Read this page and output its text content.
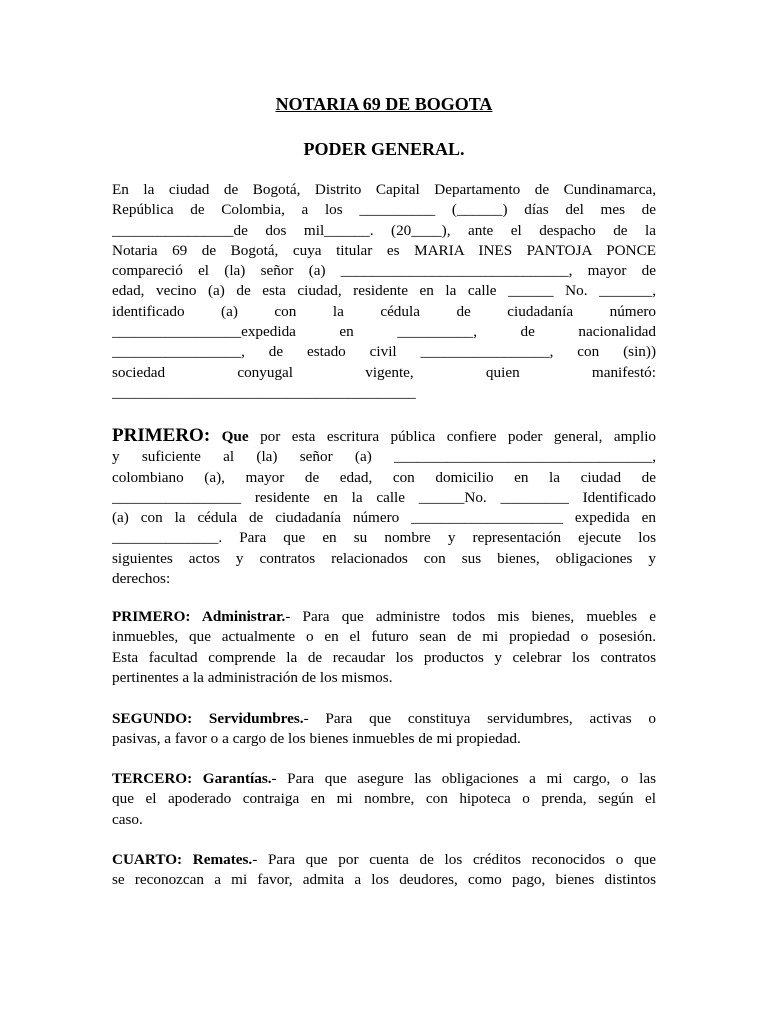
NOTARIA 69 DE BOGOTA
PODER GENERAL.
En la ciudad de Bogotá, Distrito Capital Departamento de Cundinamarca,
República de Colombia, a los __________ (______) días del mes de
________________de dos mil______. (20____), ante el despacho de la
Notaria 69 de Bogotá, cuya titular es MARIA INES PANTOJA PONCE
compareció el (la) señor (a) ______________________________, mayor de
edad, vecino (a) de esta ciudad, residente en la calle ______ No. _______,
identificado (a) con la cédula de ciudadanía número
_________________expedida en __________, de nacionalidad
_________________, de estado civil _________________, con (sin))
sociedad conyugal vigente, quien manifestó:
________________________________________
PRIMERO: Que por esta escritura pública confiere poder general, amplio
y suficiente al (la) señor (a) __________________________________,
colombiano (a), mayor de edad, con domicilio en la ciudad de
_________________ residente en la calle ______No. _________ Identificado
(a) con la cédula de ciudadanía número ____________________ expedida en
______________. Para que en su nombre y representación ejecute los
siguientes actos y contratos relacionados con sus bienes, obligaciones y
derechos:
PRIMERO: Administrar.- Para que administre todos mis bienes, muebles e
inmuebles, que actualmente o en el futuro sean de mi propiedad o posesión.
Esta facultad comprende la de recaudar los productos y celebrar los contratos
pertinentes a la administración de los mismos.
SEGUNDO: Servidumbres.- Para que constituya servidumbres, activas o
pasivas, a favor o a cargo de los bienes inmuebles de mi propiedad.
TERCERO: Garantías.- Para que asegure las obligaciones a mi cargo, o las
que el apoderado contraiga en mi nombre, con hipoteca o prenda, según el
caso.
CUARTO: Remates.- Para que por cuenta de los créditos reconocidos o que
se reconozcan a mi favor, admita a los deudores, como pago, bienes distintos
